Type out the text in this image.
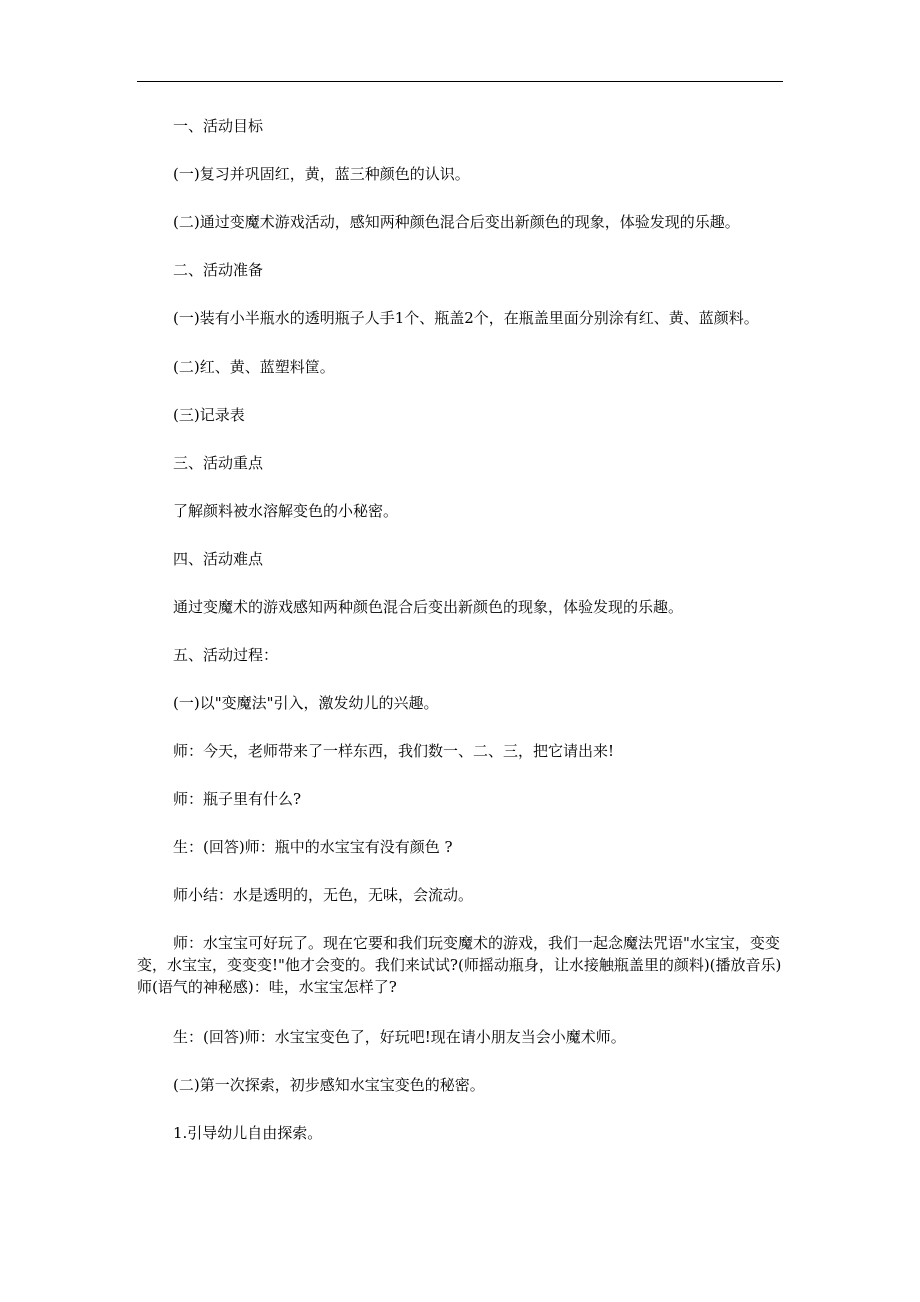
一、活动目标

(一)复习并巩固红，黄，蓝三种颜色的认识。

(二)通过变魔术游戏活动，感知两种颜色混合后变出新颜色的现象，体验发现的乐趣。

二、活动准备

(一)装有小半瓶水的透明瓶子人手1个、瓶盖2个，在瓶盖里面分别涂有红、黄、蓝颜料。

(二)红、黄、蓝塑料筐。

(三)记录表

三、活动重点

了解颜料被水溶解变色的小秘密。

四、活动难点

通过变魔术的游戏感知两种颜色混合后变出新颜色的现象，体验发现的乐趣。

五、活动过程：

(一)以"变魔法"引入，激发幼儿的兴趣。

师：今天，老师带来了一样东西，我们数一、二、三，把它请出来!

师：瓶子里有什么?

生：(回答)师：瓶中的水宝宝有没有颜色 ?

师小结：水是透明的，无色，无味，会流动。

师：水宝宝可好玩了。现在它要和我们玩变魔术的游戏，我们一起念魔法咒语"水宝宝，变变变，水宝宝，变变变!"他才会变的。我们来试试?(师摇动瓶身，让水接触瓶盖里的颜料)(播放音乐)师(语气的神秘感)：哇，水宝宝怎样了?

生：(回答)师：水宝宝变色了，好玩吧!现在请小朋友当会小魔术师。

(二)第一次探索，初步感知水宝宝变色的秘密。

1.引导幼儿自由探索。
